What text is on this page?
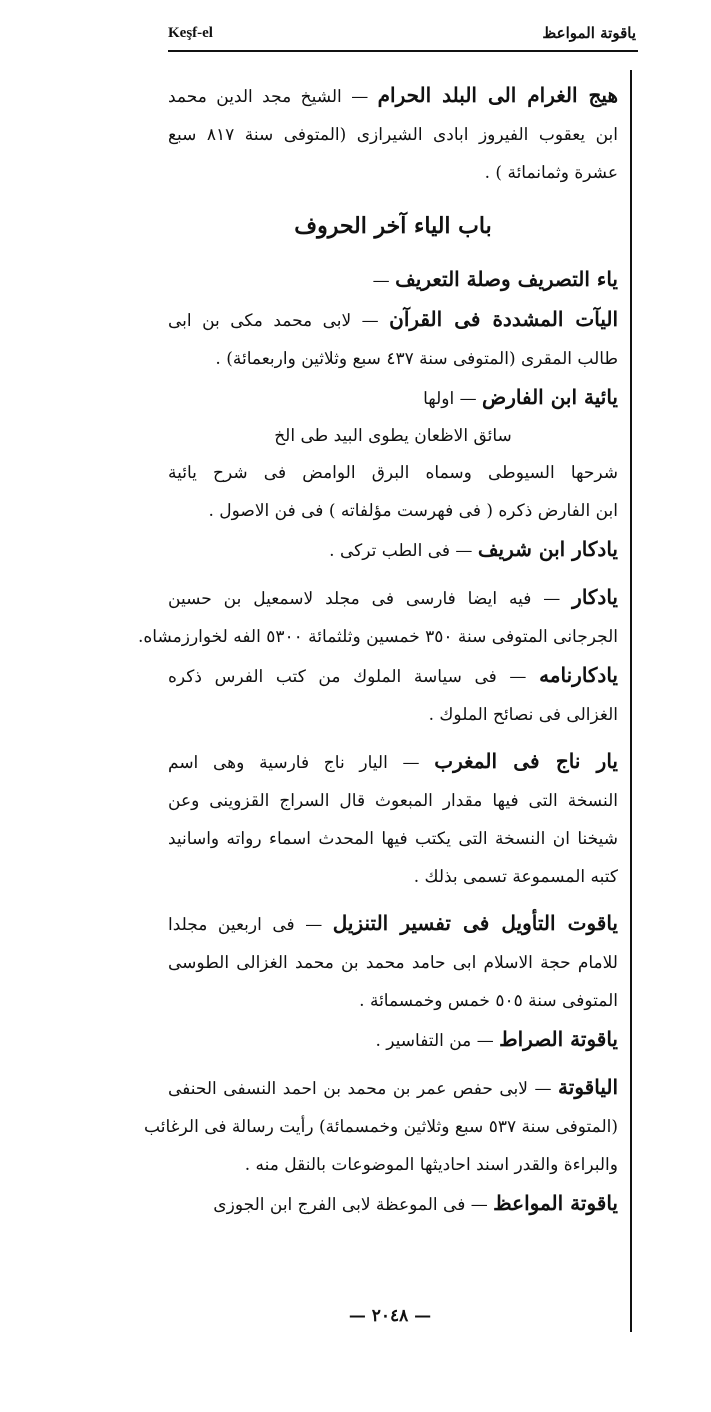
Keşf-el	ياقوتة المواعظ
هيج الغرام الى البلد الحرام — الشيخ مجد الدين محمد
ابن يعقوب الفيروز ابادى الشيرازى (المتوفى سنة ٨١٧ سبع
عشرة وثمانمائة ) .
باب الياء آخر الحروف
ياء التصريف وصلة التعريف —
اليآت المشددة فى القرآن — لابى محمد مكى بن ابى
طالب المقرى (المتوفى سنة ٤٣٧ سبع وثلاثين واربعمائة) .
يائية ابن الفارض — اولها
سائق الاظعان يطوى البيد طى الخ
شرحها السيوطى وسماه البرق الوامض فى شرح يائية
ابن الفارض ذكره ( فى فهرست مؤلفاته ) فى فن الاصول .
يادكار ابن شريف — فى الطب تركى .
يادكار — فيه ايضا فارسى فى مجلد لاسمعيل بن حسين
الجرجانى المتوفى سنة ٣٥٠ خمسين وثلثمائة ٥٣٠٠ الفه لخوارزمشاه.
يادكارنامه — فى سياسة الملوك من كتب الفرس ذكره
الغزالى فى نصائح الملوك .
يار ناج فى المغرب — اليار ناج فارسية وهى اسم
النسخة التى فيها مقدار المبعوث قال السراج القزوينى وعن
شيخنا ان النسخة التى يكتب فيها المحدث اسماء رواته واسانيد
كتبه المسموعة تسمى بذلك .
ياقوت التأويل فى تفسير التنزيل — فى اربعين مجلدا
للامام حجة الاسلام ابى حامد محمد بن محمد الغزالى الطوسى
المتوفى سنة ٥٠٥ خمس وخمسمائة .
ياقوتة الصراط — من التفاسير .
الياقوتة — لابى حفص عمر بن محمد بن احمد النسفى الحنفى
(المتوفى سنة ٥٣٧ سبع وثلاثين وخمسمائة) رأيت رسالة فى الرغائب
والبراءة والقدر اسند احاديثها الموضوعات بالنقل منه .
ياقوتة المواعظ — فى الموعظة لابى الفرج ابن الجوزى
— ٢٠٤٨ —
